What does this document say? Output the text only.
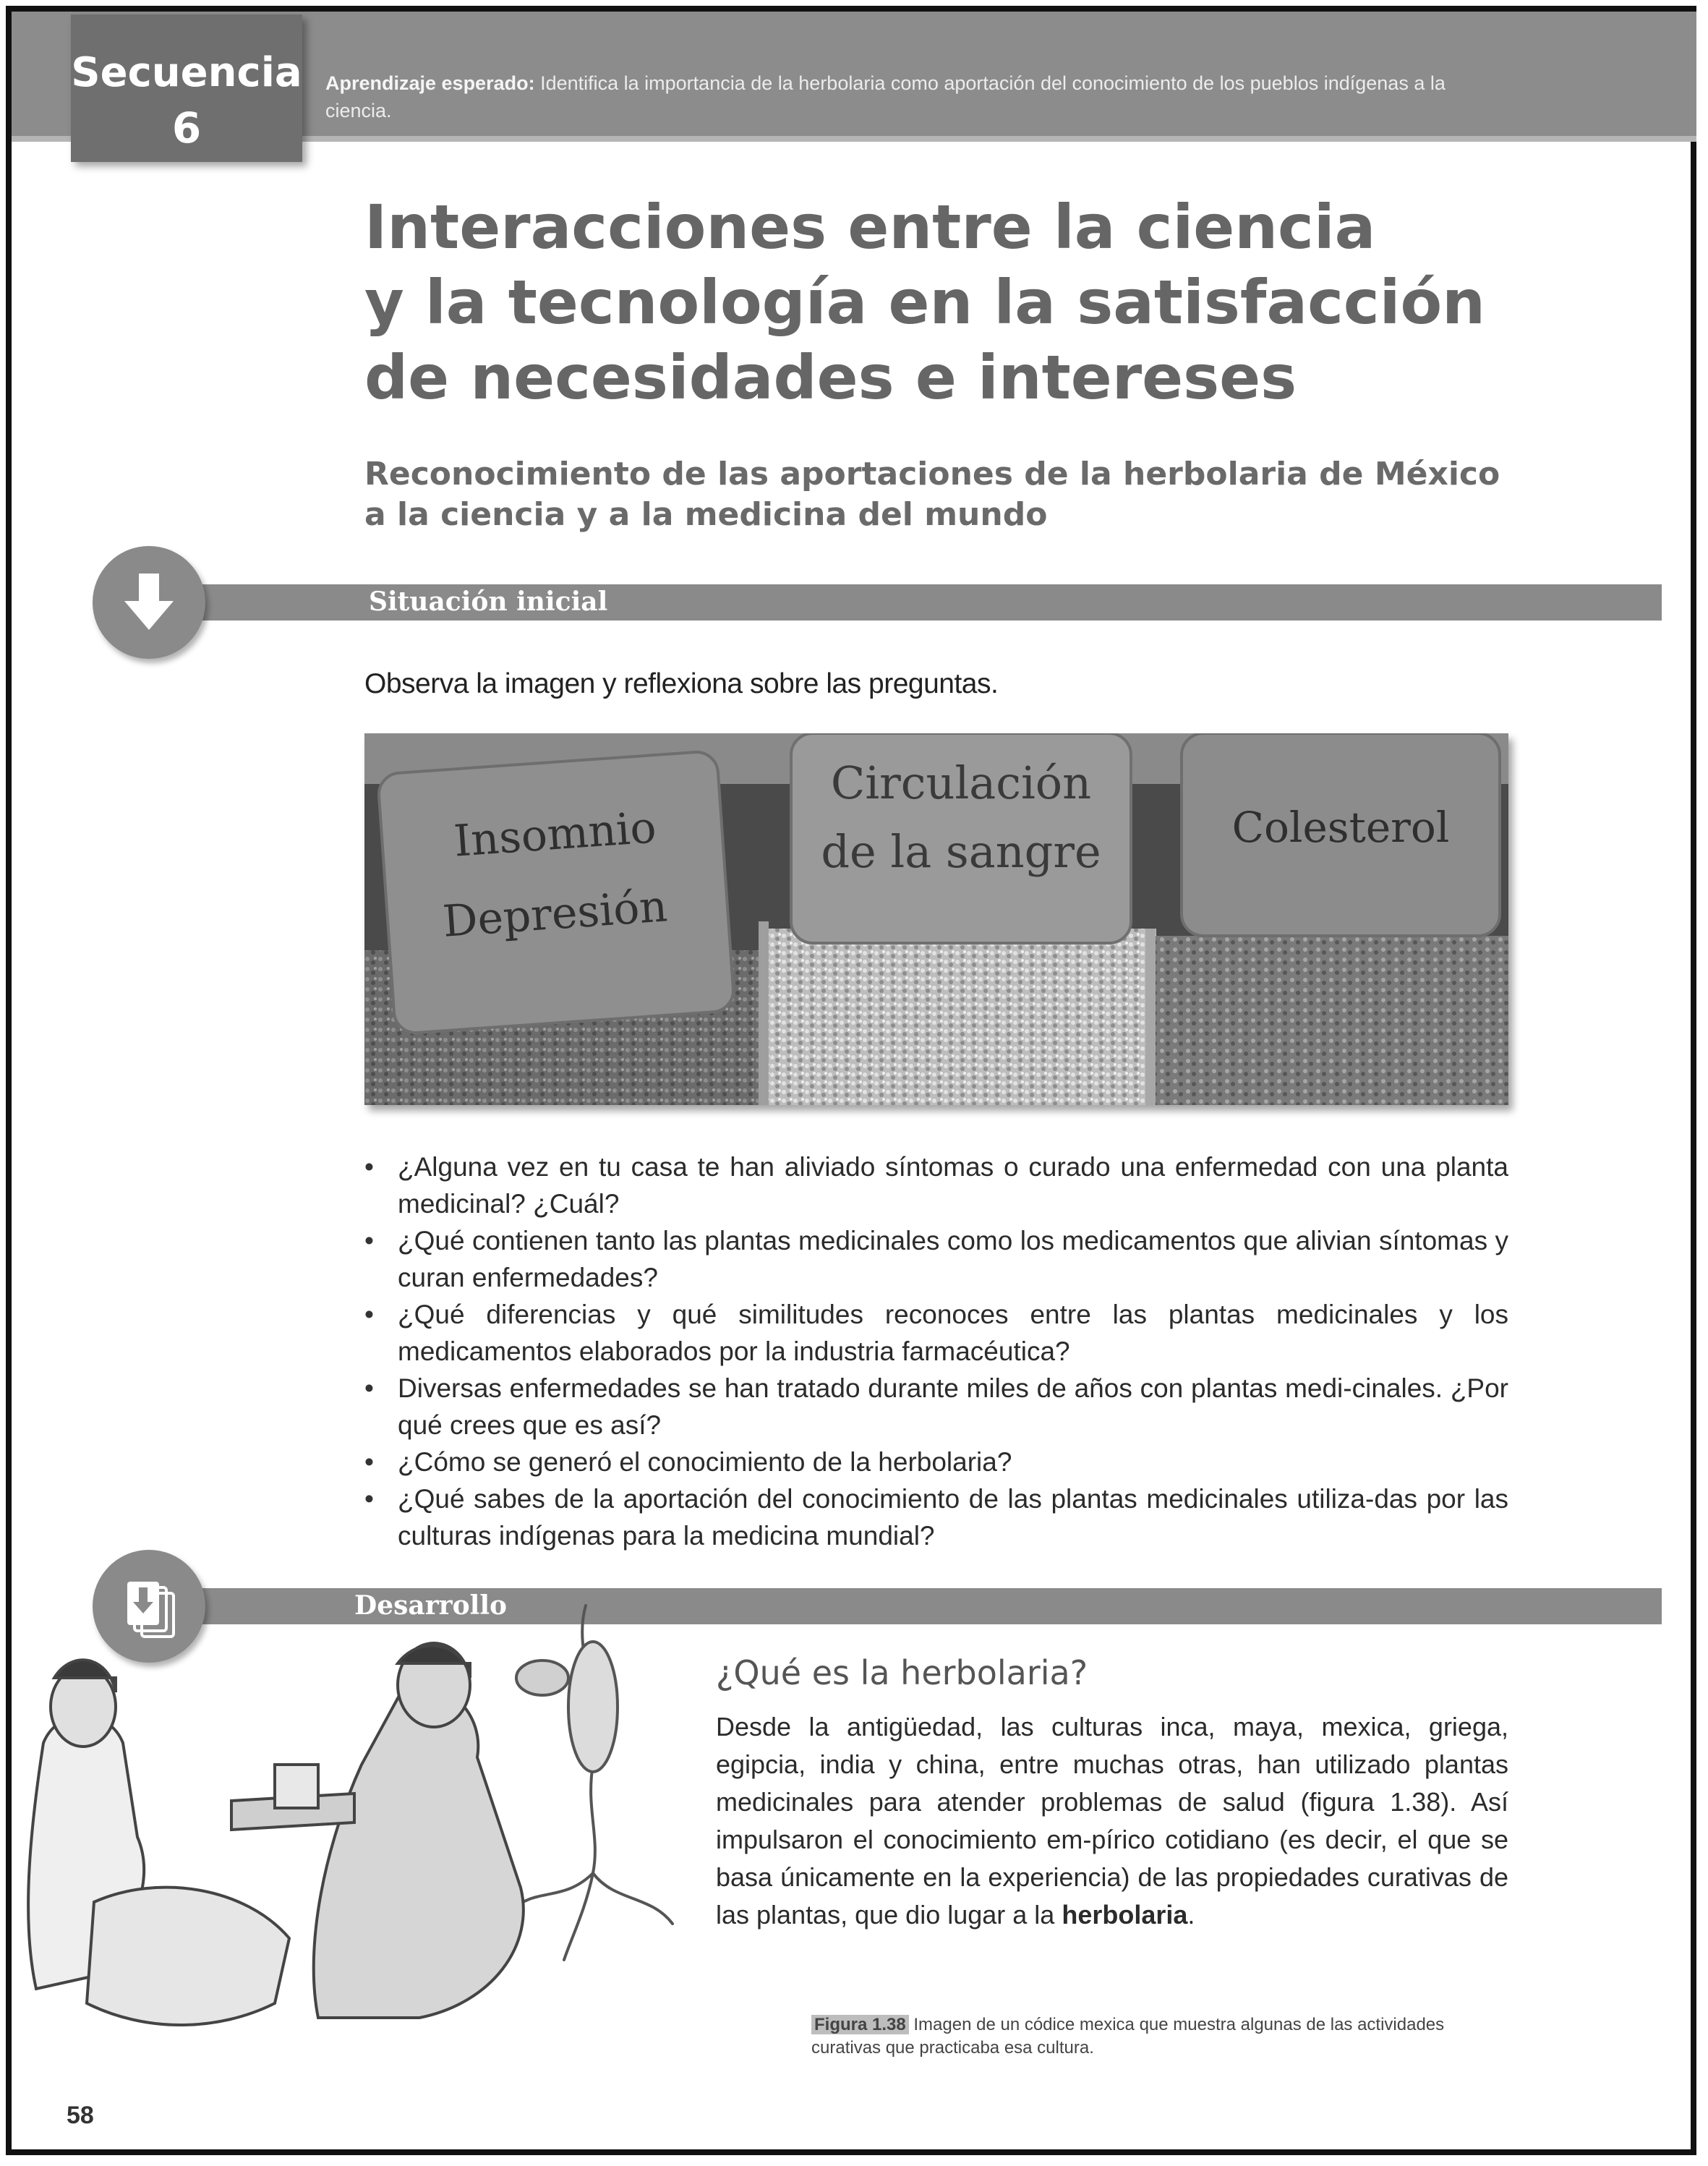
Secuencia
6
Aprendizaje esperado: Identifica la importancia de la herbolaria como aportación del conocimiento de los pueblos indígenas a la ciencia.
Interacciones entre la ciencia
y la tecnología en la satisfacción
de necesidades e intereses
Reconocimiento de las aportaciones de la herbolaria de México
a la ciencia y a la medicina del mundo
Situación inicial

Observa la imagen y reflexiona sobre las preguntas.

Insomnio
Depresión
Circulación
de la sangre	Colesterol
• ¿Alguna vez en tu casa te han aliviado síntomas o curado una enfermedad con una planta medicinal? ¿Cuál?
• ¿Qué contienen tanto las plantas medicinales como los medicamentos que alivian síntomas y curan enfermedades?
• ¿Qué diferencias y qué similitudes reconoces entre las plantas medicinales y los medicamentos elaborados por la industria farmacéutica?
• Diversas enfermedades se han tratado durante miles de años con plantas medi-cinales. ¿Por qué crees que es así?
• ¿Cómo se generó el conocimiento de la herbolaria?
• ¿Qué sabes de la aportación del conocimiento de las plantas medicinales utiliza-das por las culturas indígenas para la medicina mundial?
Desarrollo
¿Qué es la herbolaria?

Desde la antigüedad, las culturas inca, maya, mexica, griega, egipcia, india y china, entre muchas otras, han utilizado plantas medicinales para atender problemas de salud (figura 1.38). Así impulsaron el conocimiento em-pírico cotidiano (es decir, el que se basa únicamente en la experiencia) de las propiedades curativas de las plantas, que dio lugar a la herbolaria.

Figura 1.38 Imagen de un códice mexica que muestra algunas de las actividades curativas que practicaba esa cultura.

58
